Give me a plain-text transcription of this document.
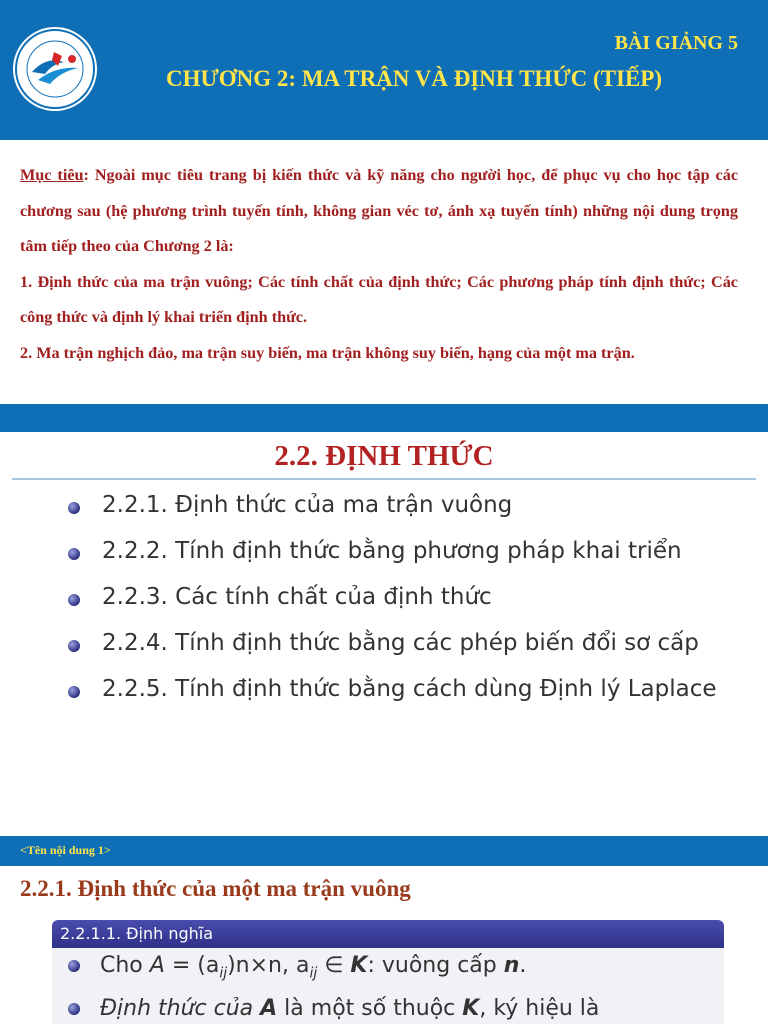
BÀI GIẢNG 5
CHƯƠNG 2: MA TRẬN VÀ ĐỊNH THỨC (TIẾP)

Mục tiêu: Ngoài mục tiêu trang bị kiến thức và kỹ năng cho người học, để phục vụ cho học tập các chương sau (hệ phương trình tuyến tính, không gian véc tơ, ánh xạ tuyến tính) những nội dung trọng tâm tiếp theo của Chương 2 là:

1. Định thức của ma trận vuông; Các tính chất của định thức; Các phương pháp tính định thức; Các công thức và định lý khai triển định thức.

2. Ma trận nghịch đảo, ma trận suy biến, ma trận không suy biến, hạng của một ma trận.

2.2. ĐỊNH THỨC
2.2.1. Định thức của ma trận vuông
2.2.2. Tính định thức bằng phương pháp khai triển
2.2.3. Các tính chất của định thức
2.2.4. Tính định thức bằng các phép biến đổi sơ cấp
2.2.5. Tính định thức bằng cách dùng Định lý Laplace
<Tên nội dung 1>
2.2.1. Định thức của một ma trận vuông
2.2.1.1. Định nghĩa
Cho $A = (a_{ij})n\times n$, $a_{ij}$ ∈ K: vuông cấp n.
Định thức của A là một số thuộc K, ký hiệu là
